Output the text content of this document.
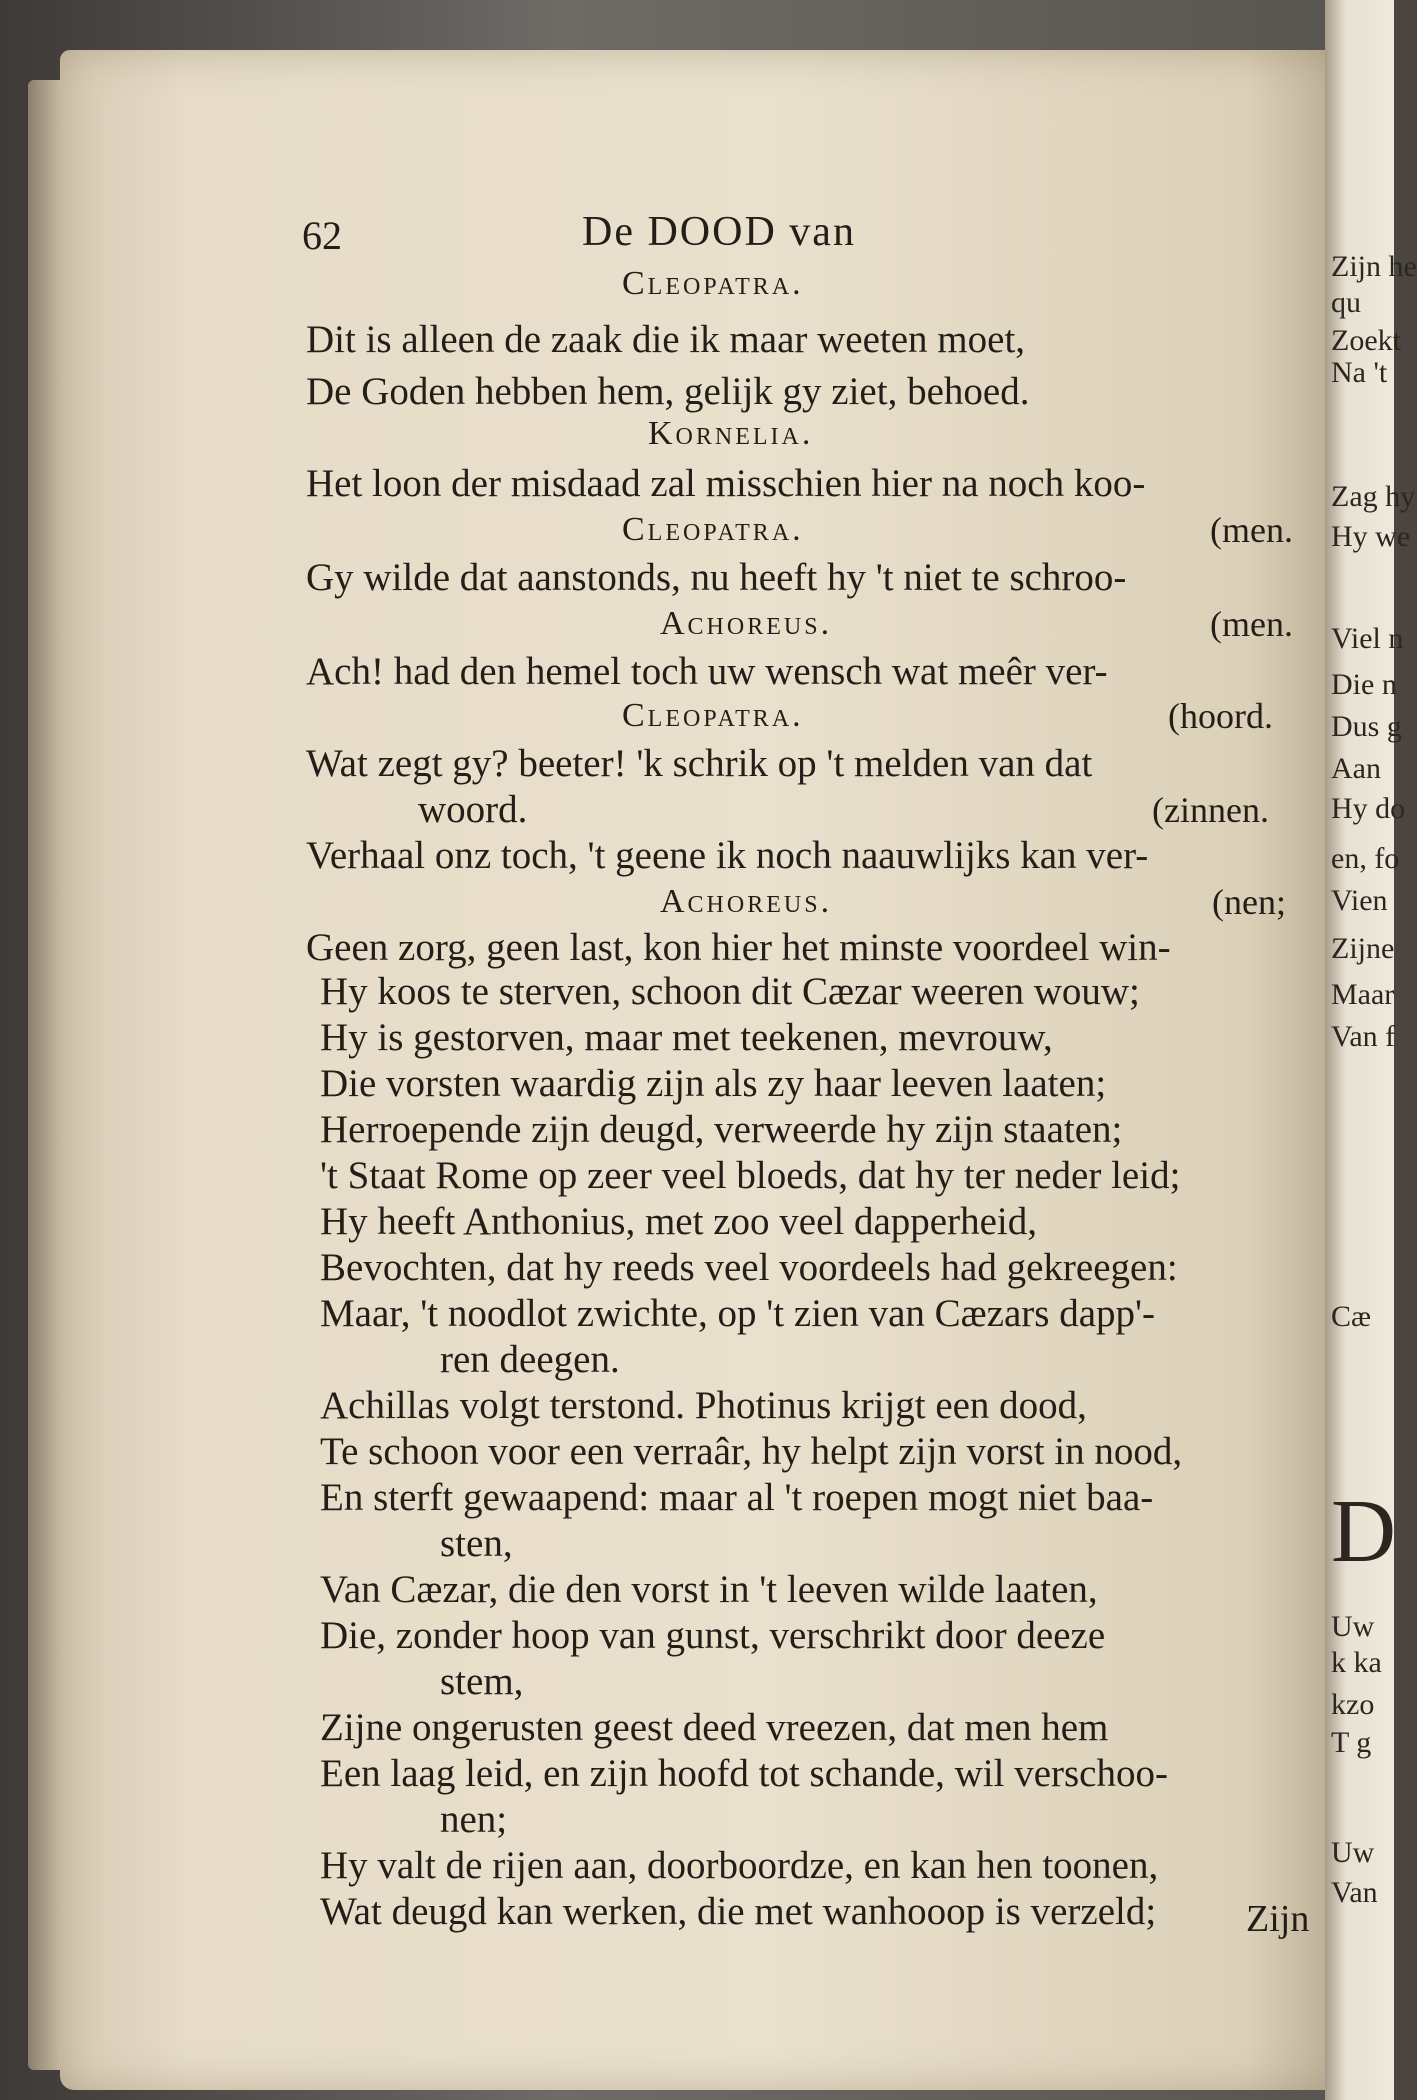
Zijn he
qu
Zoekt
Na 't
Zag hy
Hy we
Viel n
Die n
Dus g
Aan
Hy do
en, fo
Vien
Zijne
Maar
Van f
Cæ
D
Uw
k ka
kzo
T g
Uw
Van
62	De DOOD van
Cleopatra.
Dit is alleen de zaak die ik maar weeten moet,
De Goden hebben hem, gelijk gy ziet, behoed.
Kornelia.
Het loon der misdaad zal misschien hier na noch koo-
Cleopatra.
Gy wilde dat aanstonds, nu heeft hy 't niet te schroo-
Achoreus.
Ach! had den hemel toch uw wensch wat meêr ver-
Cleopatra.
Wat zegt gy? beeter! 'k schrik op 't melden van dat
woord.
Verhaal onz toch, 't geene ik noch naauwlijks kan ver-
Achoreus.
Geen zorg, geen last, kon hier het minste voordeel win-
Hy koos te sterven, schoon dit Cæzar weeren wouw;
Hy is gestorven, maar met teekenen, mevrouw,
Die vorsten waardig zijn als zy haar leeven laaten;
Herroepende zijn deugd, verweerde hy zijn staaten;
't Staat Rome op zeer veel bloeds, dat hy ter neder leid;
Hy heeft Anthonius, met zoo veel dapperheid,
Bevochten, dat hy reeds veel voordeels had gekreegen:
Maar, 't noodlot zwichte, op 't zien van Cæzars dapp'-
ren deegen.
Achillas volgt terstond. Photinus krijgt een dood,
Te schoon voor een verraâr, hy helpt zijn vorst in nood,
En sterft gewaapend: maar al 't roepen mogt niet baa-
sten,
Van Cæzar, die den vorst in 't leeven wilde laaten,
Die, zonder hoop van gunst, verschrikt door deeze
stem,
Zijne ongerusten geest deed vreezen, dat men hem
Een laag leid, en zijn hoofd tot schande, wil verschoo-
nen;
Hy valt de rijen aan, doorboordze, en kan hen toonen,
Wat deugd kan werken, die met wanhooop is verzeld;
(men.
(men.
(hoord.
(zinnen.
(nen;
Zijn
